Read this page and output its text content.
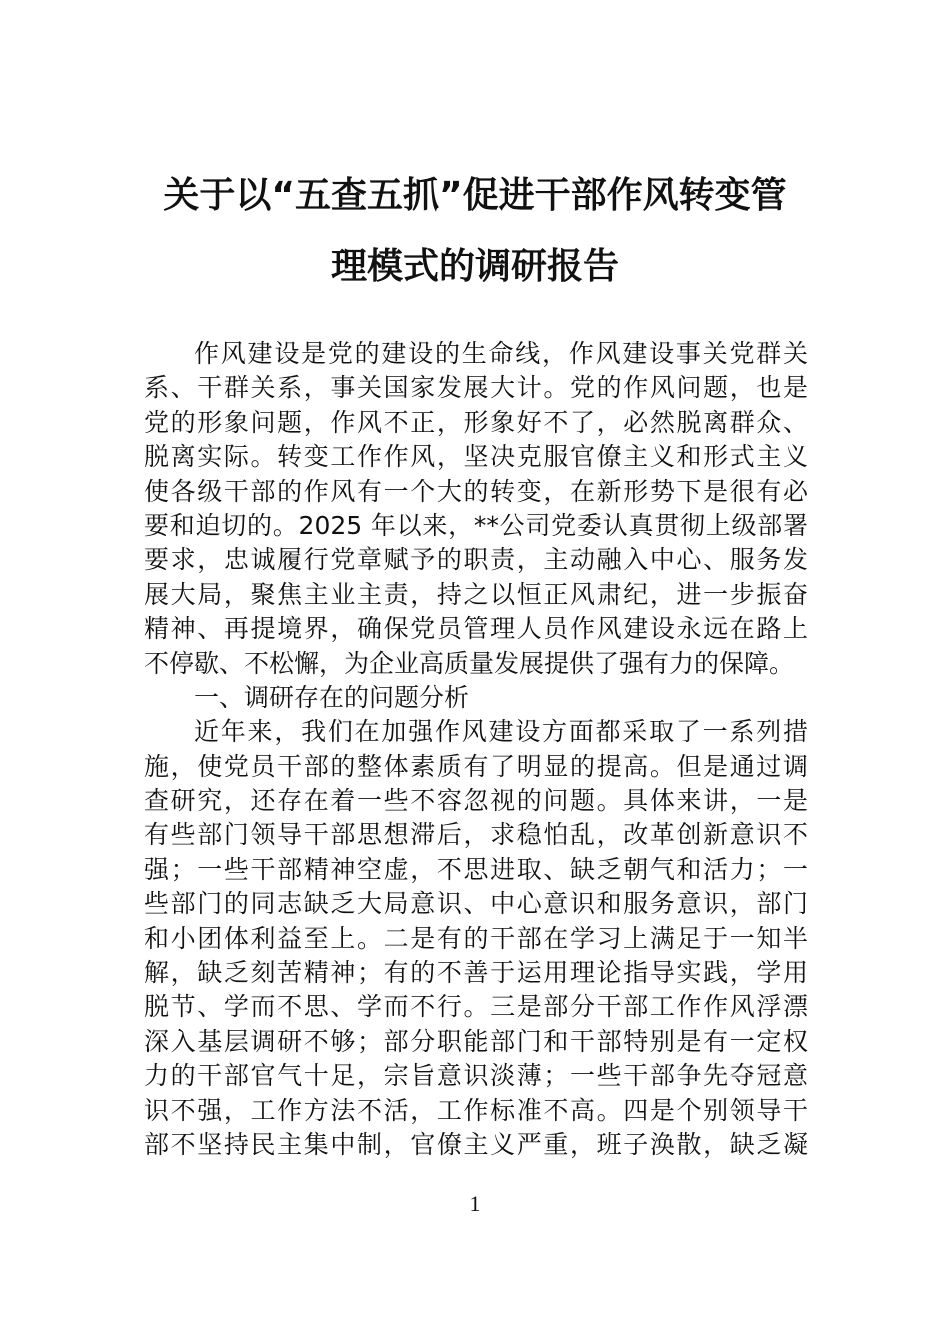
关于以“五查五抓”促进干部作风转变管
理模式的调研报告
作风建设是党的建设的生命线，作风建设事关党群关
系、干群关系，事关国家发展大计。党的作风问题，也是
党的形象问题，作风不正，形象好不了，必然脱离群众、
脱离实际。转变工作作风，坚决克服官僚主义和形式主义
使各级干部的作风有一个大的转变，在新形势下是很有必
要和迫切的。2025 年以来，**公司党委认真贯彻上级部署
要求，忠诚履行党章赋予的职责，主动融入中心、服务发
展大局，聚焦主业主责，持之以恒正风肃纪，进一步振奋
精神、再提境界，确保党员管理人员作风建设永远在路上
不停歇、不松懈，为企业高质量发展提供了强有力的保障。
一、调研存在的问题分析
近年来，我们在加强作风建设方面都采取了一系列措
施，使党员干部的整体素质有了明显的提高。但是通过调
查研究，还存在着一些不容忽视的问题。具体来讲，一是
有些部门领导干部思想滞后，求稳怕乱，改革创新意识不
强；一些干部精神空虚，不思进取、缺乏朝气和活力；一
些部门的同志缺乏大局意识、中心意识和服务意识，部门
和小团体利益至上。二是有的干部在学习上满足于一知半
解，缺乏刻苦精神；有的不善于运用理论指导实践，学用
脱节、学而不思、学而不行。三是部分干部工作作风浮漂
深入基层调研不够；部分职能部门和干部特别是有一定权
力的干部官气十足，宗旨意识淡薄；一些干部争先夺冠意
识不强，工作方法不活，工作标准不高。四是个别领导干
部不坚持民主集中制，官僚主义严重，班子涣散，缺乏凝
1
